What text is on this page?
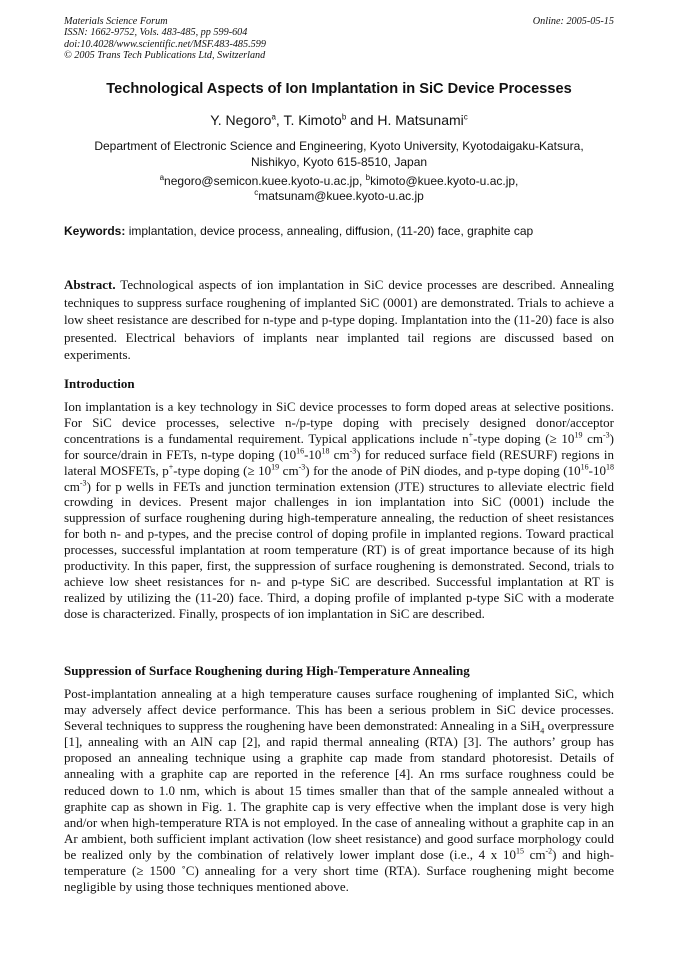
Materials Science Forum
ISSN: 1662-9752, Vols. 483-485, pp 599-604
doi:10.4028/www.scientific.net/MSF.483-485.599
© 2005 Trans Tech Publications Ltd, Switzerland
Online: 2005-05-15
Technological Aspects of Ion Implantation in SiC Device Processes
Y. Negoro$^a$, T. Kimoto$^b$ and H. Matsunami$^c$
Department of Electronic Science and Engineering, Kyoto University, Kyotodaigaku-Katsura,
Nishikyo, Kyoto 615-8510, Japan
$^a$negoro@semicon.kuee.kyoto-u.ac.jp, $^b$kimoto@kuee.kyoto-u.ac.jp,
$^c$matsunam@kuee.kyoto-u.ac.jp
Keywords: implantation, device process, annealing, diffusion, (11-20) face, graphite cap
Abstract. Technological aspects of ion implantation in SiC device processes are described. Annealing techniques to suppress surface roughening of implanted SiC (0001) are demonstrated. Trials to achieve a low sheet resistance are described for n-type and p-type doping. Implantation into the (11-20) face is also presented. Electrical behaviors of implants near implanted tail regions are discussed based on experiments.
Introduction
Ion implantation is a key technology in SiC device processes to form doped areas at selective positions. For SiC device processes, selective n-/p-type doping with precisely designed donor/acceptor concentrations is a fundamental requirement. Typical applications include n+-type doping (≥ $10^{19}$ $cm^{-3}$) for source/drain in FETs, n-type doping ($10^{16}-10^{18}$ $cm^{-3}$) for reduced surface field (RESURF) regions in lateral MOSFETs, p+-type doping (≥ $10^{19}$ $cm^{-3}$) for the anode of PiN diodes, and p-type doping ($10^{16}-10^{18}$ $cm^{-3}$) for p wells in FETs and junction termination extension (JTE) structures to alleviate electric field crowding in devices. Present major challenges in ion implantation into SiC (0001) include the suppression of surface roughening during high-temperature annealing, the reduction of sheet resistances for both n- and p-types, and the precise control of doping profile in implanted regions. Toward practical processes, successful implantation at room temperature (RT) is of great importance because of its high productivity. In this paper, first, the suppression of surface roughening is demonstrated. Second, trials to achieve low sheet resistances for n- and p-type SiC are described. Successful implantation at RT is realized by utilizing the (11-20) face. Third, a doping profile of implanted p-type SiC with a moderate dose is characterized. Finally, prospects of ion implantation in SiC are described.
Suppression of Surface Roughening during High-Temperature Annealing
Post-implantation annealing at a high temperature causes surface roughening of implanted SiC, which may adversely affect device performance. This has been a serious problem in SiC device processes. Several techniques to suppress the roughening have been demonstrated: Annealing in a SiH$_4$ overpressure [1], annealing with an AlN cap [2], and rapid thermal annealing (RTA) [3]. The authors’ group has proposed an annealing technique using a graphite cap made from standard photoresist. Details of annealing with a graphite cap are reported in the reference [4]. An rms surface roughness could be reduced down to 1.0 nm, which is about 15 times smaller than that of the sample annealed without a graphite cap as shown in Fig. 1. The graphite cap is very effective when the implant dose is very high and/or when high-temperature RTA is not employed. In the case of annealing without a graphite cap in an Ar ambient, both sufficient implant activation (low sheet resistance) and good surface morphology could be realized only by the combination of relatively lower implant dose (i.e., 4 x $10^{15}$ $cm^{-2}$) and high-temperature (≥ 1500 ˚C) annealing for a very short time (RTA). Surface roughening might become negligible by using those techniques mentioned above.
